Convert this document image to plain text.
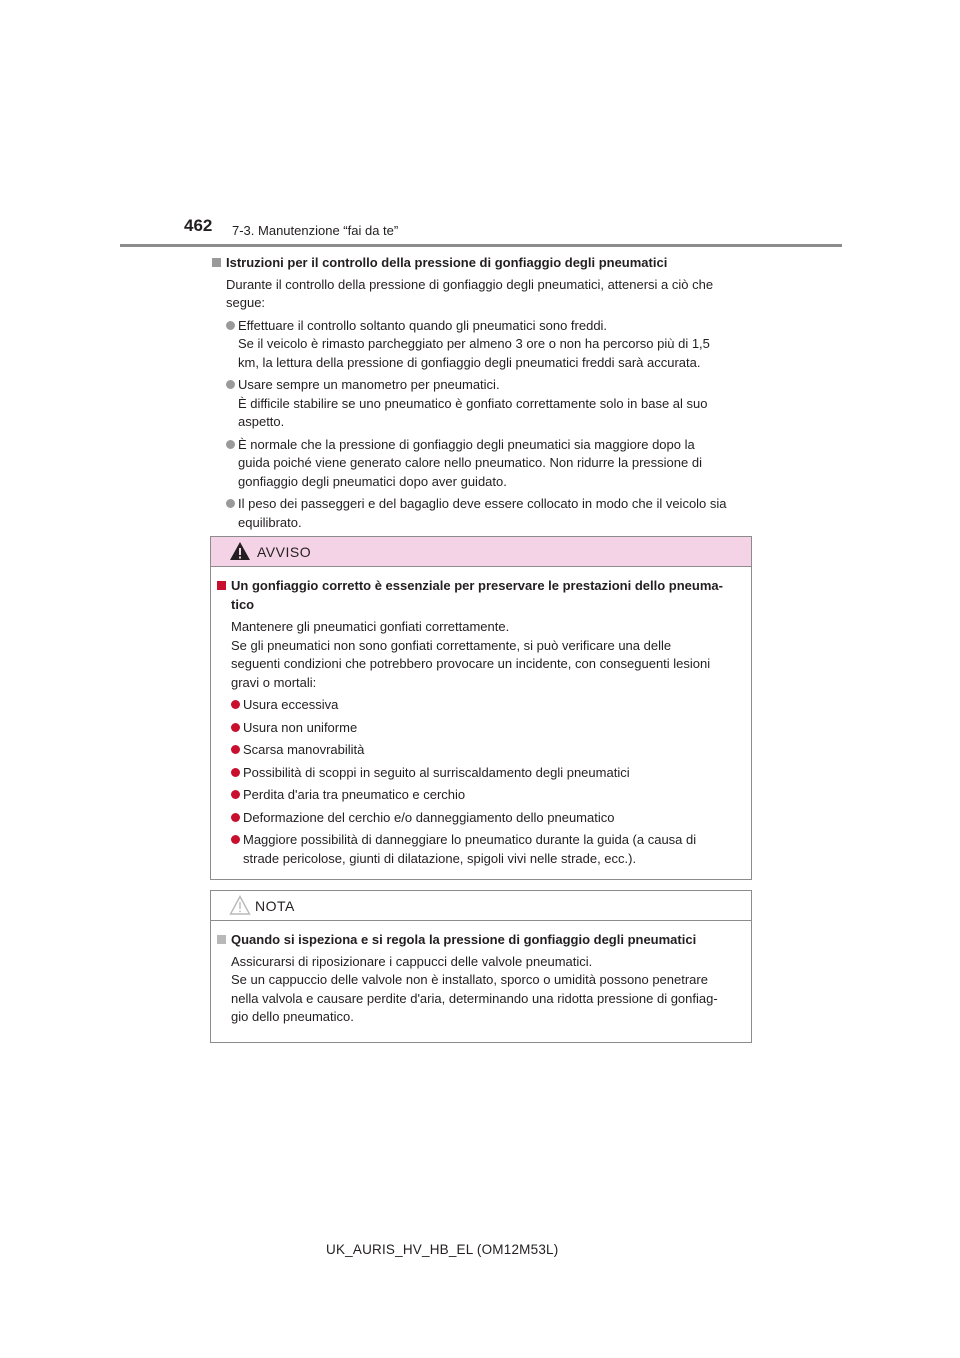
462 7-3. Manutenzione “fai da te”

Istruzioni per il controllo della pressione di gonfiaggio degli pneumatici

Durante il controllo della pressione di gonfiaggio degli pneumatici, attenersi a ciò che
segue:

Effettuare il controllo soltanto quando gli pneumatici sono freddi.
Se il veicolo è rimasto parcheggiato per almeno 3 ore o non ha percorso più di 1,5
km, la lettura della pressione di gonfiaggio degli pneumatici freddi sarà accurata.
Usare sempre un manometro per pneumatici.
È difficile stabilire se uno pneumatico è gonfiato correttamente solo in base al suo
aspetto.
È normale che la pressione di gonfiaggio degli pneumatici sia maggiore dopo la
guida poiché viene generato calore nello pneumatico. Non ridurre la pressione di
gonfiaggio degli pneumatici dopo aver guidato.
Il peso dei passeggeri e del bagaglio deve essere collocato in modo che il veicolo sia
equilibrato.
AVVISO

Un gonfiaggio corretto è essenziale per preservare le prestazioni dello pneuma-
tico

Mantenere gli pneumatici gonfiati correttamente.
Se gli pneumatici non sono gonfiati correttamente, si può verificare una delle
seguenti condizioni che potrebbero provocare un incidente, con conseguenti lesioni
gravi o mortali:

Usura eccessiva
Usura non uniforme
Scarsa manovrabilità
Possibilità di scoppi in seguito al surriscaldamento degli pneumatici
Perdita d'aria tra pneumatico e cerchio
Deformazione del cerchio e/o danneggiamento dello pneumatico
Maggiore possibilità di danneggiare lo pneumatico durante la guida (a causa di
strade pericolose, giunti di dilatazione, spigoli vivi nelle strade, ecc.).
NOTA

Quando si ispeziona e si regola la pressione di gonfiaggio degli pneumatici

Assicurarsi di riposizionare i cappucci delle valvole pneumatici.
Se un cappuccio delle valvole non è installato, sporco o umidità possono penetrare
nella valvola e causare perdite d'aria, determinando una ridotta pressione di gonfiag-
gio dello pneumatico.

UK_AURIS_HV_HB_EL (OM12M53L)
